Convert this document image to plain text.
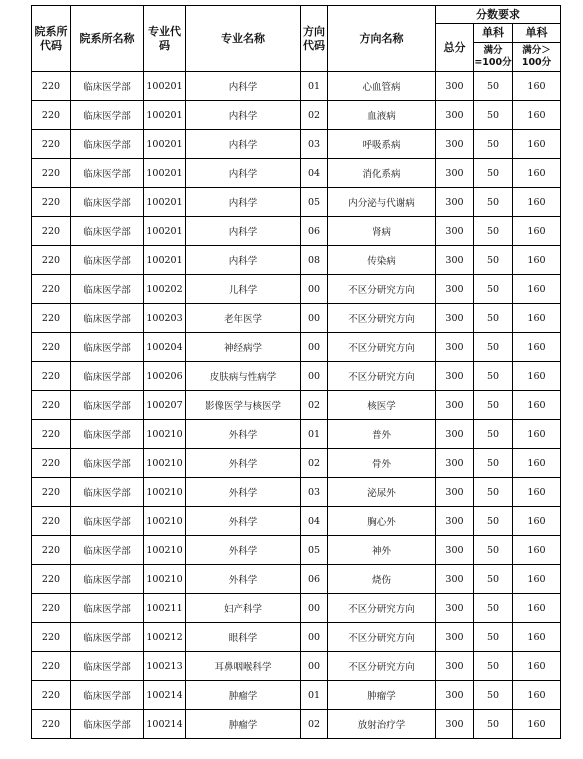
院系所代码	院系所名称	专业代码	专业名称	方向代码	方向名称	分数要求		
						总分	单科	单科
							满分=100分	满分＞100分
220	临床医学部	100201	内科学	01	心血管病	300	50	160
220	临床医学部	100201	内科学	02	血液病	300	50	160
220	临床医学部	100201	内科学	03	呼吸系病	300	50	160
220	临床医学部	100201	内科学	04	消化系病	300	50	160
220	临床医学部	100201	内科学	05	内分泌与代谢病	300	50	160
220	临床医学部	100201	内科学	06	肾病	300	50	160
220	临床医学部	100201	内科学	08	传染病	300	50	160
220	临床医学部	100202	儿科学	00	不区分研究方向	300	50	160
220	临床医学部	100203	老年医学	00	不区分研究方向	300	50	160
220	临床医学部	100204	神经病学	00	不区分研究方向	300	50	160
220	临床医学部	100206	皮肤病与性病学	00	不区分研究方向	300	50	160
220	临床医学部	100207	影像医学与核医学	02	核医学	300	50	160
220	临床医学部	100210	外科学	01	普外	300	50	160
220	临床医学部	100210	外科学	02	骨外	300	50	160
220	临床医学部	100210	外科学	03	泌尿外	300	50	160
220	临床医学部	100210	外科学	04	胸心外	300	50	160
220	临床医学部	100210	外科学	05	神外	300	50	160
220	临床医学部	100210	外科学	06	烧伤	300	50	160
220	临床医学部	100211	妇产科学	00	不区分研究方向	300	50	160
220	临床医学部	100212	眼科学	00	不区分研究方向	300	50	160
220	临床医学部	100213	耳鼻咽喉科学	00	不区分研究方向	300	50	160
220	临床医学部	100214	肿瘤学	01	肿瘤学	300	50	160
220	临床医学部	100214	肿瘤学	02	放射治疗学	300	50	160
